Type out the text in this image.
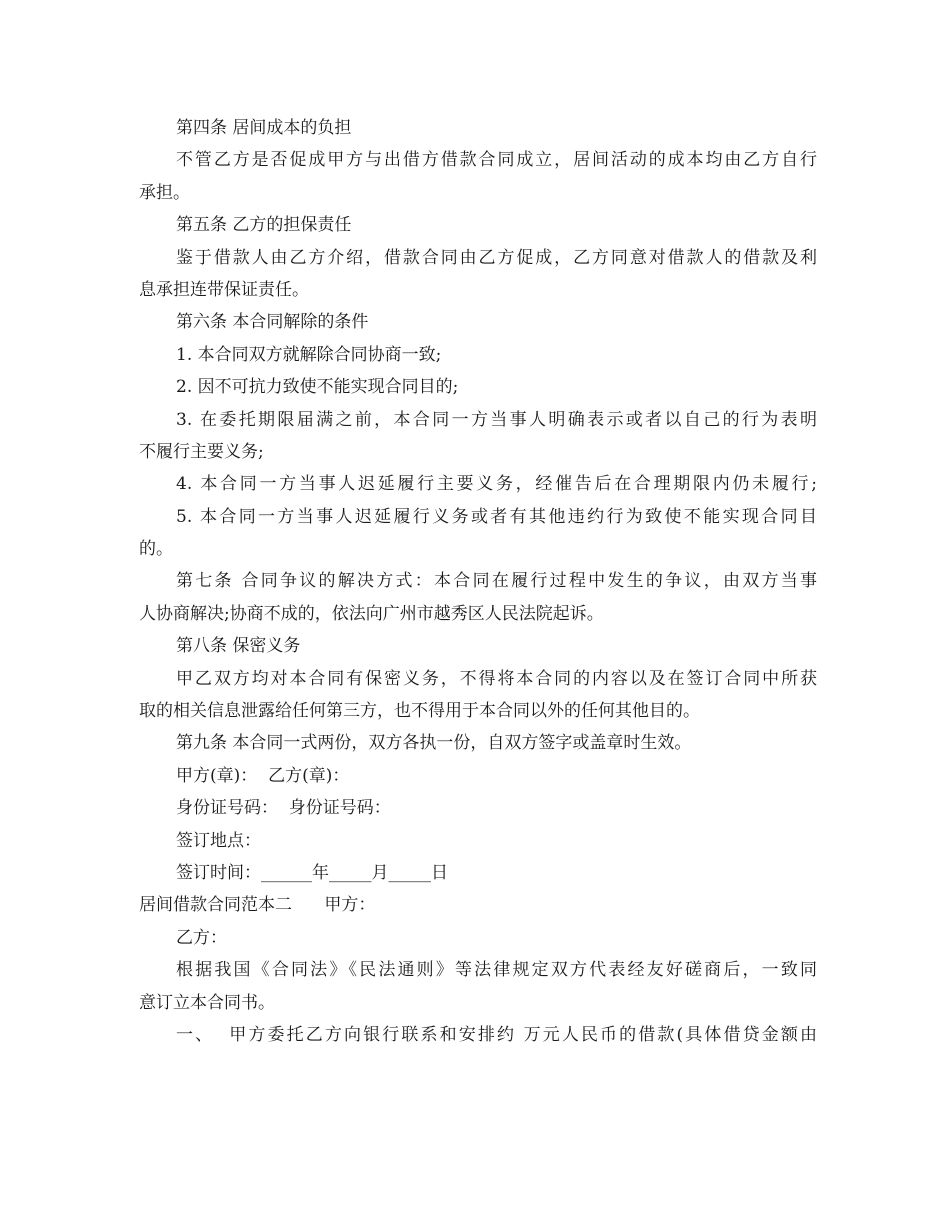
第四条 居间成本的负担
不管乙方是否促成甲方与出借方借款合同成立，居间活动的成本均由乙方自行
承担。
第五条 乙方的担保责任
鉴于借款人由乙方介绍，借款合同由乙方促成，乙方同意对借款人的借款及利
息承担连带保证责任。
第六条 本合同解除的条件
1. 本合同双方就解除合同协商一致;
2. 因不可抗力致使不能实现合同目的;
3. 在委托期限届满之前，本合同一方当事人明确表示或者以自己的行为表明
不履行主要义务;
4. 本合同一方当事人迟延履行主要义务，经催告后在合理期限内仍未履行;
5. 本合同一方当事人迟延履行义务或者有其他违约行为致使不能实现合同目
的。
第七条 合同争议的解决方式：本合同在履行过程中发生的争议，由双方当事
人协商解决;协商不成的，依法向广州市越秀区人民法院起诉。
第八条 保密义务
甲乙双方均对本合同有保密义务，不得将本合同的内容以及在签订合同中所获
取的相关信息泄露给任何第三方，也不得用于本合同以外的任何其他目的。
第九条 本合同一式两份，双方各执一份，自双方签字或盖章时生效。
甲方(章)：  乙方(章)：
身份证号码：  身份证号码：
签订地点：
签订时间：______年_____月_____日
居间借款合同范本二      甲方：
乙方：
根据我国《合同法》《民法通则》等法律规定双方代表经友好磋商后，一致同
意订立本合同书。
一、  甲方委托乙方向银行联系和安排约 万元人民币的借款(具体借贷金额由
